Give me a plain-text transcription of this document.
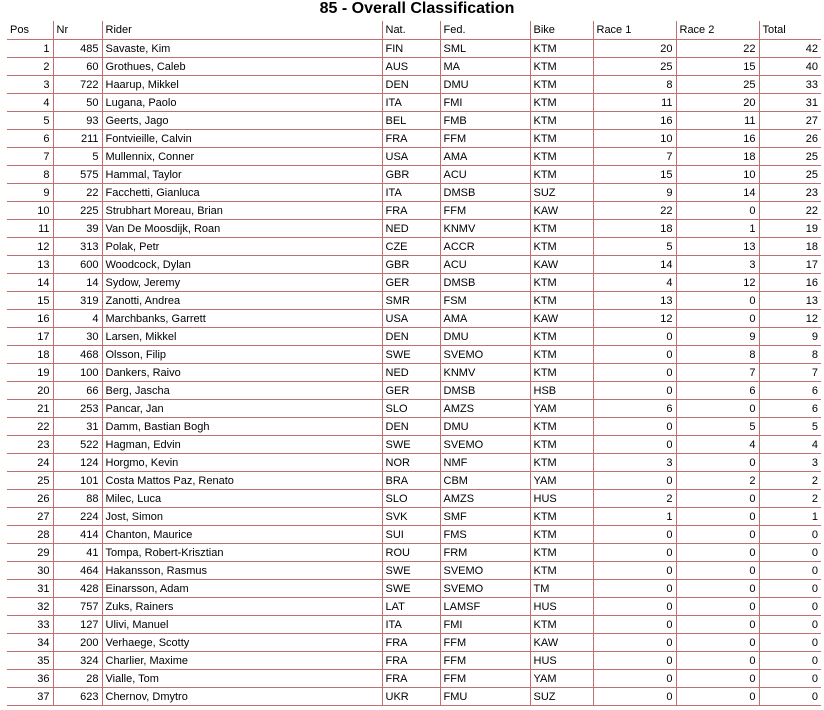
85 - Overall Classification
Pos	Nr	Rider	Nat.	Fed.	Bike	Race 1	Race 2	Total
1	485	Savaste, Kim	FIN	SML	KTM	20	22	42
2	60	Grothues, Caleb	AUS	MA	KTM	25	15	40
3	722	Haarup, Mikkel	DEN	DMU	KTM	8	25	33
4	50	Lugana, Paolo	ITA	FMI	KTM	11	20	31
5	93	Geerts, Jago	BEL	FMB	KTM	16	11	27
6	211	Fontvieille, Calvin	FRA	FFM	KTM	10	16	26
7	5	Mullennix, Conner	USA	AMA	KTM	7	18	25
8	575	Hammal, Taylor	GBR	ACU	KTM	15	10	25
9	22	Facchetti, Gianluca	ITA	DMSB	SUZ	9	14	23
10	225	Strubhart Moreau, Brian	FRA	FFM	KAW	22	0	22
11	39	Van De Moosdijk, Roan	NED	KNMV	KTM	18	1	19
12	313	Polak, Petr	CZE	ACCR	KTM	5	13	18
13	600	Woodcock, Dylan	GBR	ACU	KAW	14	3	17
14	14	Sydow, Jeremy	GER	DMSB	KTM	4	12	16
15	319	Zanotti, Andrea	SMR	FSM	KTM	13	0	13
16	4	Marchbanks, Garrett	USA	AMA	KAW	12	0	12
17	30	Larsen, Mikkel	DEN	DMU	KTM	0	9	9
18	468	Olsson, Filip	SWE	SVEMO	KTM	0	8	8
19	100	Dankers, Raivo	NED	KNMV	KTM	0	7	7
20	66	Berg, Jascha	GER	DMSB	HSB	0	6	6
21	253	Pancar, Jan	SLO	AMZS	YAM	6	0	6
22	31	Damm, Bastian Bogh	DEN	DMU	KTM	0	5	5
23	522	Hagman, Edvin	SWE	SVEMO	KTM	0	4	4
24	124	Horgmo, Kevin	NOR	NMF	KTM	3	0	3
25	101	Costa Mattos Paz, Renato	BRA	CBM	YAM	0	2	2
26	88	Milec, Luca	SLO	AMZS	HUS	2	0	2
27	224	Jost, Simon	SVK	SMF	KTM	1	0	1
28	414	Chanton, Maurice	SUI	FMS	KTM	0	0	0
29	41	Tompa, Robert-Krisztian	ROU	FRM	KTM	0	0	0
30	464	Hakansson, Rasmus	SWE	SVEMO	KTM	0	0	0
31	428	Einarsson, Adam	SWE	SVEMO	TM	0	0	0
32	757	Zuks, Rainers	LAT	LAMSF	HUS	0	0	0
33	127	Ulivi, Manuel	ITA	FMI	KTM	0	0	0
34	200	Verhaege, Scotty	FRA	FFM	KAW	0	0	0
35	324	Charlier, Maxime	FRA	FFM	HUS	0	0	0
36	28	Vialle, Tom	FRA	FFM	YAM	0	0	0
37	623	Chernov, Dmytro	UKR	FMU	SUZ	0	0	0
